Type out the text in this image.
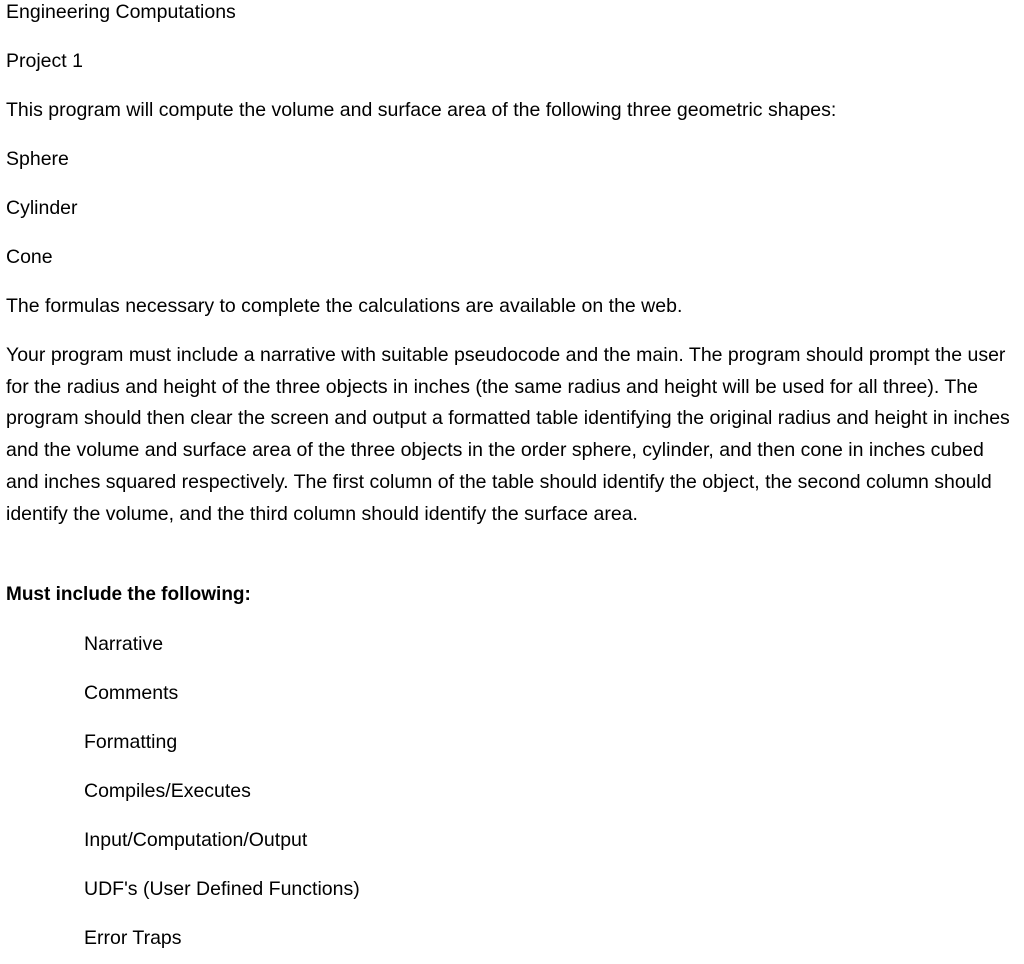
Engineering Computations

Project 1

This program will compute the volume and surface area of the following three geometric shapes:

Sphere

Cylinder

Cone

The formulas necessary to complete the calculations are available on the web.

Your program must include a narrative with suitable pseudocode and the main. The program should prompt the user for the radius and height of the three objects in inches (the same radius and height will be used for all three). The program should then clear the screen and output a formatted table identifying the original radius and height in inches and the volume and surface area of the three objects in the order sphere, cylinder, and then cone in inches cubed and inches squared respectively. The first column of the table should identify the object, the second column should identify the volume, and the third column should identify the surface area.

Must include the following:

Narrative

Comments

Formatting

Compiles/Executes

Input/Computation/Output

UDF's (User Defined Functions)

Error Traps
